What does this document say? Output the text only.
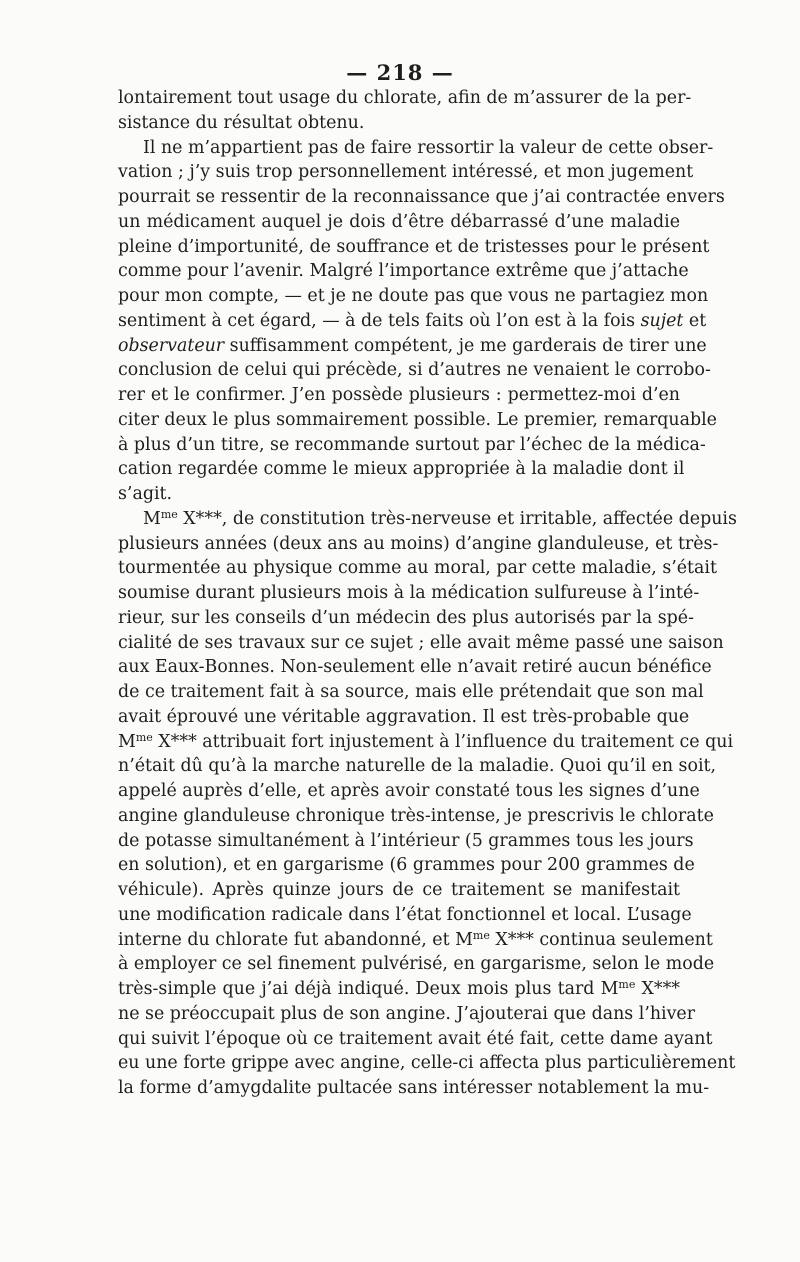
— 218 —
lontairement tout usage du chlorate, afin de m’assurer de la per-
sistance du résultat obtenu.
Il ne m’appartient pas de faire ressortir la valeur de cette obser-
vation ; j’y suis trop personnellement intéressé, et mon jugement
pourrait se ressentir de la reconnaissance que j’ai contractée envers
un médicament auquel je dois d’être débarrassé d’une maladie
pleine d’importunité, de souffrance et de tristesses pour le présent
comme pour l’avenir. Malgré l’importance extrême que j’attache
pour mon compte, — et je ne doute pas que vous ne partagiez mon
sentiment à cet égard, — à de tels faits où l’on est à la fois sujet et
observateur suffisamment compétent, je me garderais de tirer une
conclusion de celui qui précède, si d’autres ne venaient le corrobo-
rer et le confirmer. J’en possède plusieurs : permettez-moi d’en
citer deux le plus sommairement possible. Le premier, remarquable
à plus d’un titre, se recommande surtout par l’échec de la médica-
cation regardée comme le mieux appropriée à la maladie dont il
s’agit.
$M^{me}$ X***, de constitution très-nerveuse et irritable, affectée depuis
plusieurs années (deux ans au moins) d’angine glanduleuse, et très-
tourmentée au physique comme au moral, par cette maladie, s’était
soumise durant plusieurs mois à la médication sulfureuse à l’inté-
rieur, sur les conseils d’un médecin des plus autorisés par la spé-
cialité de ses travaux sur ce sujet ; elle avait même passé une saison
aux Eaux-Bonnes. Non-seulement elle n’avait retiré aucun bénéfice
de ce traitement fait à sa source, mais elle prétendait que son mal
avait éprouvé une véritable aggravation. Il est très-probable que
$M^{me}$ X*** attribuait fort injustement à l’influence du traitement ce qui
n’était dû qu’à la marche naturelle de la maladie. Quoi qu’il en soit,
appelé auprès d’elle, et après avoir constaté tous les signes d’une
angine glanduleuse chronique très-intense, je prescrivis le chlorate
de potasse simultanément à l’intérieur (5 grammes tous les jours
en solution), et en gargarisme (6 grammes pour 200 grammes de
véhicule). Après quinze jours de ce traitement se manifestait
une modification radicale dans l’état fonctionnel et local. L’usage
interne du chlorate fut abandonné, et $M^{me}$ X*** continua seulement
à employer ce sel finement pulvérisé, en gargarisme, selon le mode
très-simple que j’ai déjà indiqué. Deux mois plus tard $M^{me}$ X***
ne se préoccupait plus de son angine. J’ajouterai que dans l’hiver
qui suivit l’époque où ce traitement avait été fait, cette dame ayant
eu une forte grippe avec angine, celle-ci affecta plus particulièrement
la forme d’amygdalite pultacée sans intéresser notablement la mu-
